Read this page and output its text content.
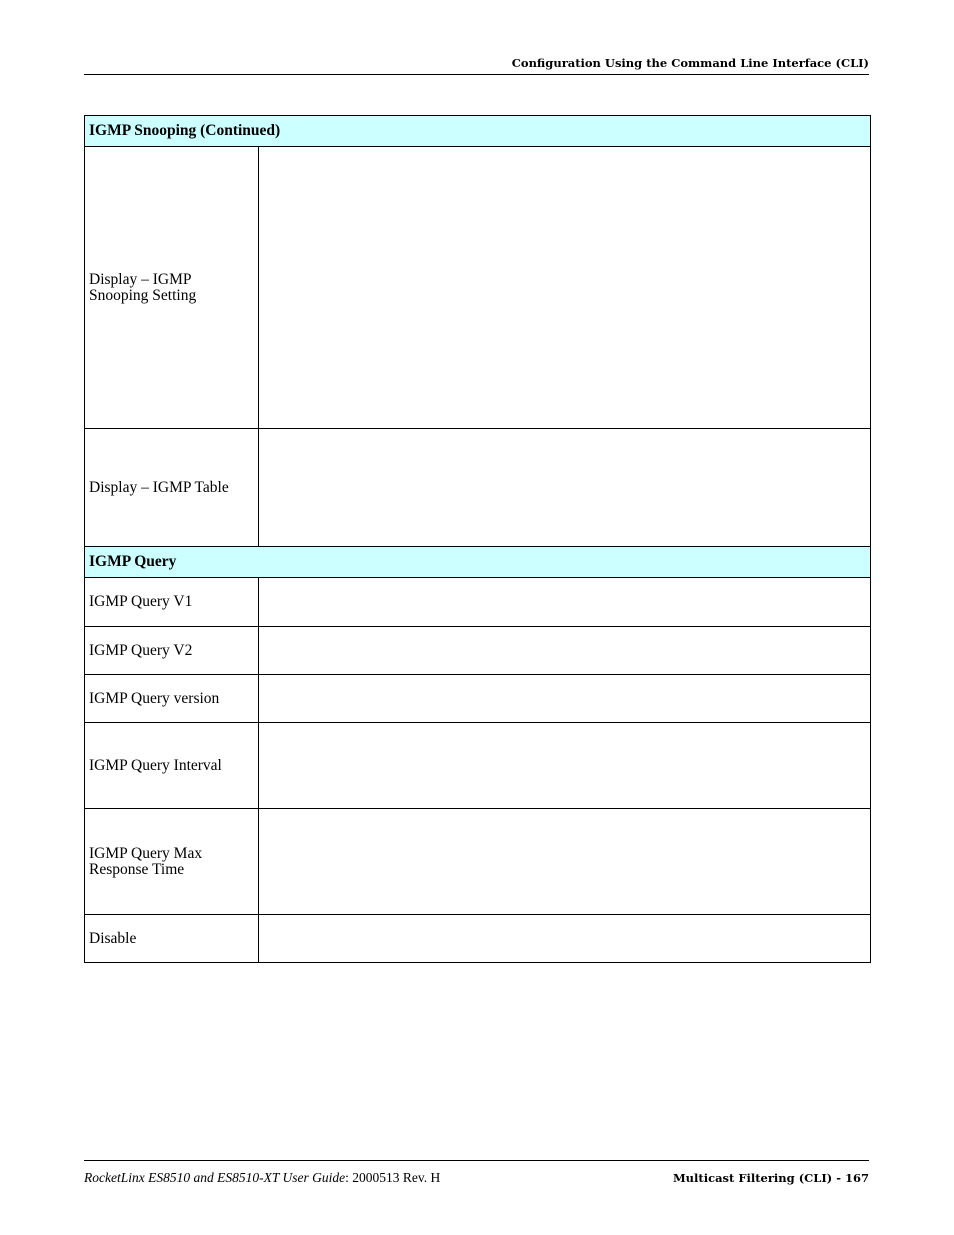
Configuration Using the Command Line Interface (CLI)
IGMP Snooping (Continued)	
Display – IGMP Snooping Setting	
Display – IGMP Table	
IGMP Query	
IGMP Query V1	
IGMP Query V2	
IGMP Query version	
IGMP Query Interval	
IGMP Query Max Response Time	
Disable	
RocketLinx ES8510 and ES8510-XT User Guide: 2000513 Rev. H	Multicast Filtering (CLI) - 167
